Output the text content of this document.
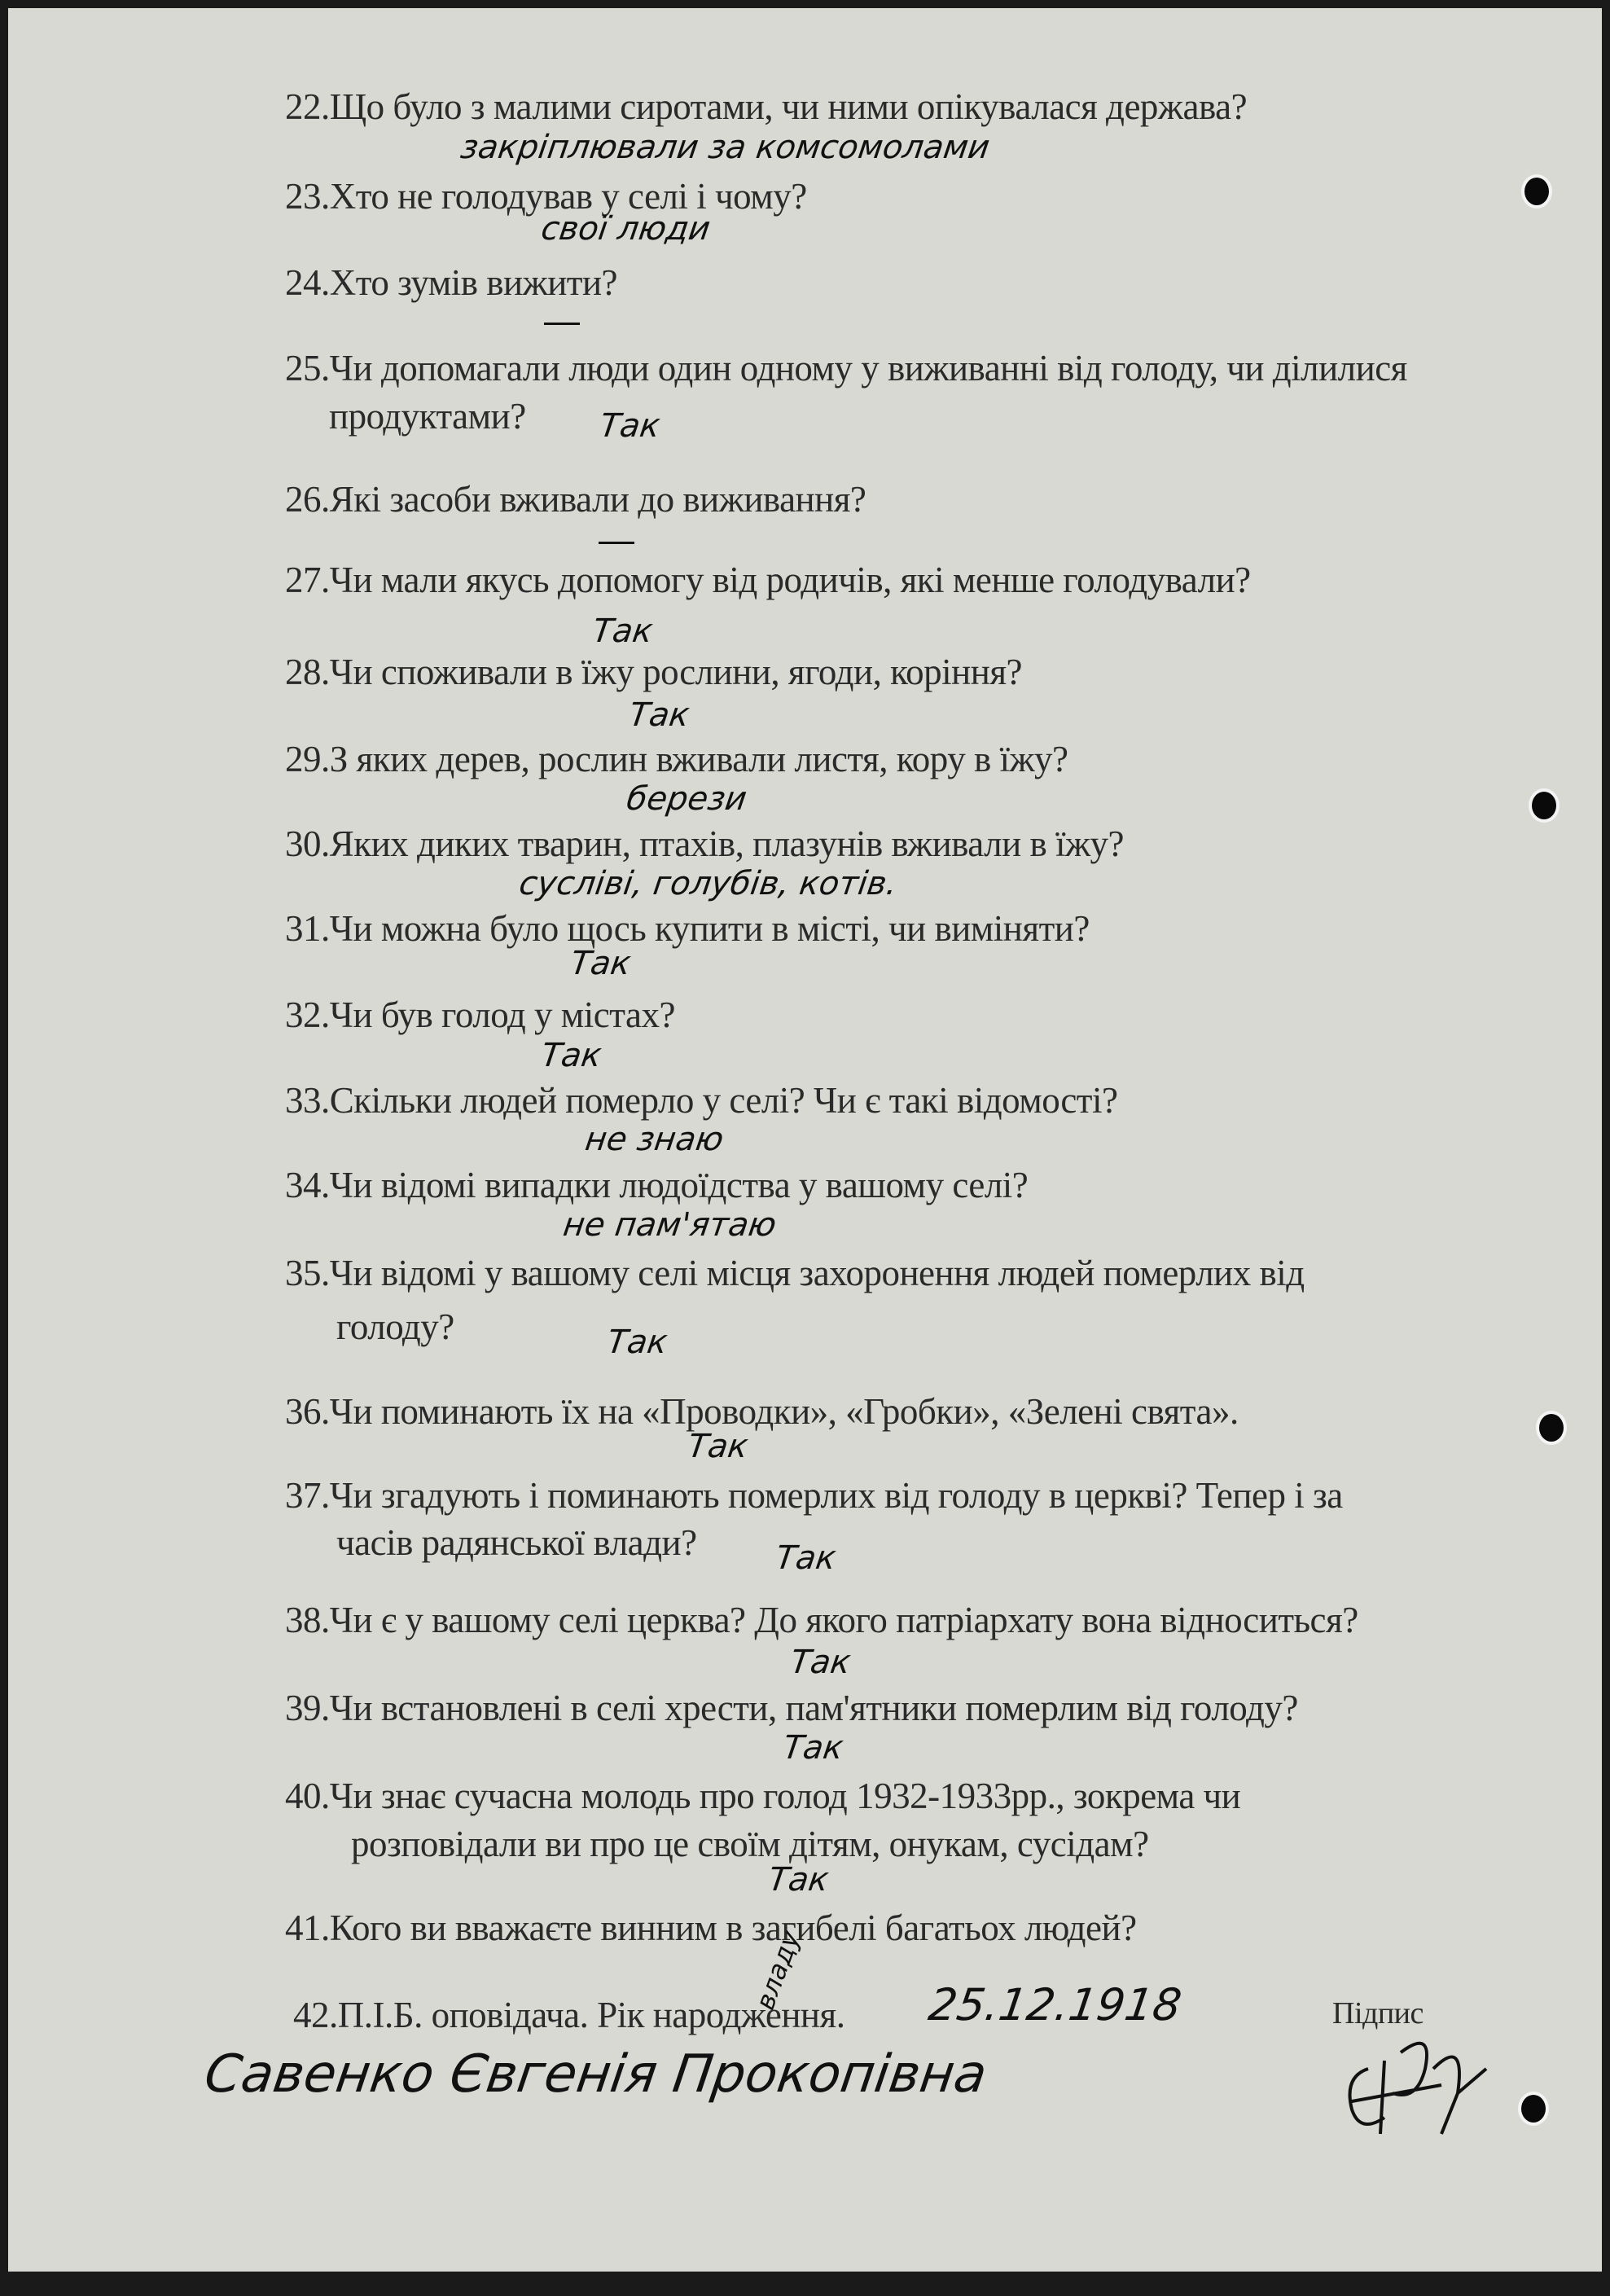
22.Що було з малими сиротами, чи ними опікувалася держава?
закріплювали за комсомолами
23.Хто не голодував у селі і чому?
свої люди
24.Хто зумів вижити?
25.Чи допомагали люди один одному у виживанні від голоду, чи ділилися
продуктами? Так
26.Які засоби вживали до виживання?
27.Чи мали якусь допомогу від родичів, які менше голодували?
Так
28.Чи споживали в їжу рослини, ягоди, коріння?
Так
29.З яких дерев, рослин вживали листя, кору в їжу?
берези
30.Яких диких тварин, птахів, плазунів вживали в їжу?
сусліві, голубів, котів.
31.Чи можна було щось купити в місті, чи виміняти?
Так
32.Чи був голод у містах?
Так
33.Скільки людей померло у селі? Чи є такі відомості?
не знаю
34.Чи відомі випадки людоїдства у вашому селі?
не пам'ятаю
35.Чи відомі у вашому селі місця захоронення людей померлих від
голоду?	Так
36.Чи поминають їх на «Проводки», «Гробки», «Зелені свята».
Так
37.Чи згадують і поминають померлих від голоду в церкві? Тепер і за
часів радянської влади? Так
38.Чи є у вашому селі церква? До якого патріархату вона відноситься?
Так
39.Чи встановлені в селі хрести, пам'ятники померлим від голоду?
Так
40.Чи знає сучасна молодь про голод 1932-1933рр., зокрема чи
розповідали ви про це своїм дітям, онукам, сусідам?
Так
41.Кого ви вважаєте винним в загибелі багатьох людей?
владу
42.П.І.Б. оповідача. Рік народження. 25.12.1918
Савенко Євгенія Прокопівна
Підпис
